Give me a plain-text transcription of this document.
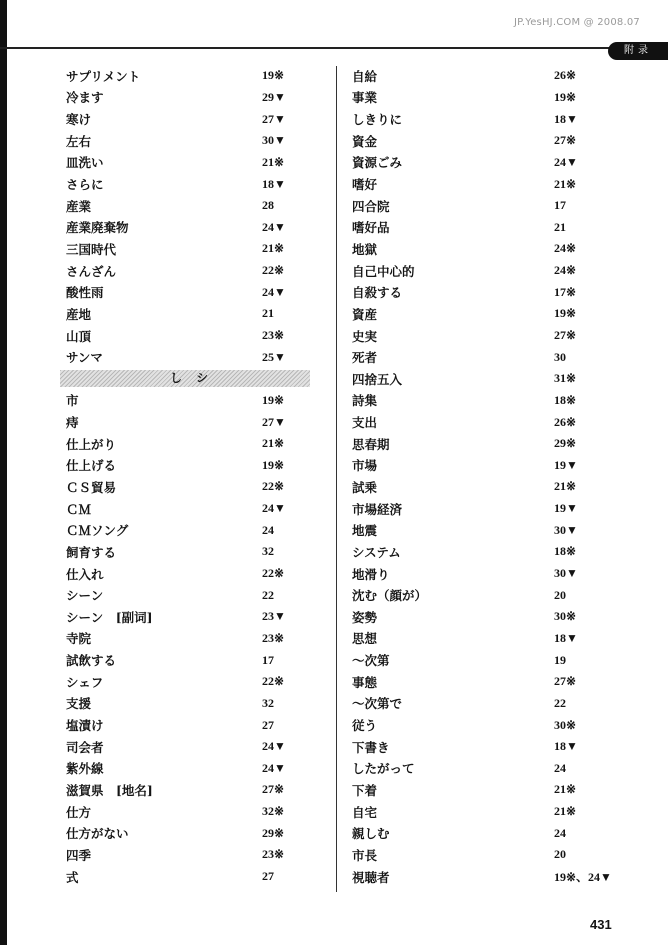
JP.YesHJ.COM @ 2008.07
附录
サプリメント	19※
冷ます	29▼
寒け	27▼
左右	30▼
皿洗い	21※
さらに	18▼
産業	28
産業廃棄物	24▼
三国時代	21※
さんざん	22※
酸性雨	24▼
産地	21
山頂	23※
サンマ	25▼
しシ
市	19※
痔	27▼
仕上がり	21※
仕上げる	19※
ＣＳ貿易	22※
ＣＭ	24▼
ＣＭソング	24
飼育する	32
仕入れ	22※
シーン	22
シーン　[副词]	23▼
寺院	23※
試飲する	17
シェフ	22※
支援	32
塩漬け	27
司会者	24▼
紫外線	24▼
滋賀県　[地名]	27※
仕方	32※
仕方がない	29※
四季	23※
式	27
自給	26※
事業	19※
しきりに	18▼
資金	27※
資源ごみ	24▼
嗜好	21※
四合院	17
嗜好品	21
地獄	24※
自己中心的	24※
自殺する	17※
資産	19※
史実	27※
死者	30
四捨五入	31※
詩集	18※
支出	26※
思春期	29※
市場	19▼
試乗	21※
市場経済	19▼
地震	30▼
システム	18※
地滑り	30▼
沈む（顔が）	20
姿勢	30※
思想	18▼
～次第	19
事態	27※
～次第で	22
従う	30※
下書き	18▼
したがって	24
下着	21※
自宅	21※
親しむ	24
市長	20
視聴者	19※、24▼
431
